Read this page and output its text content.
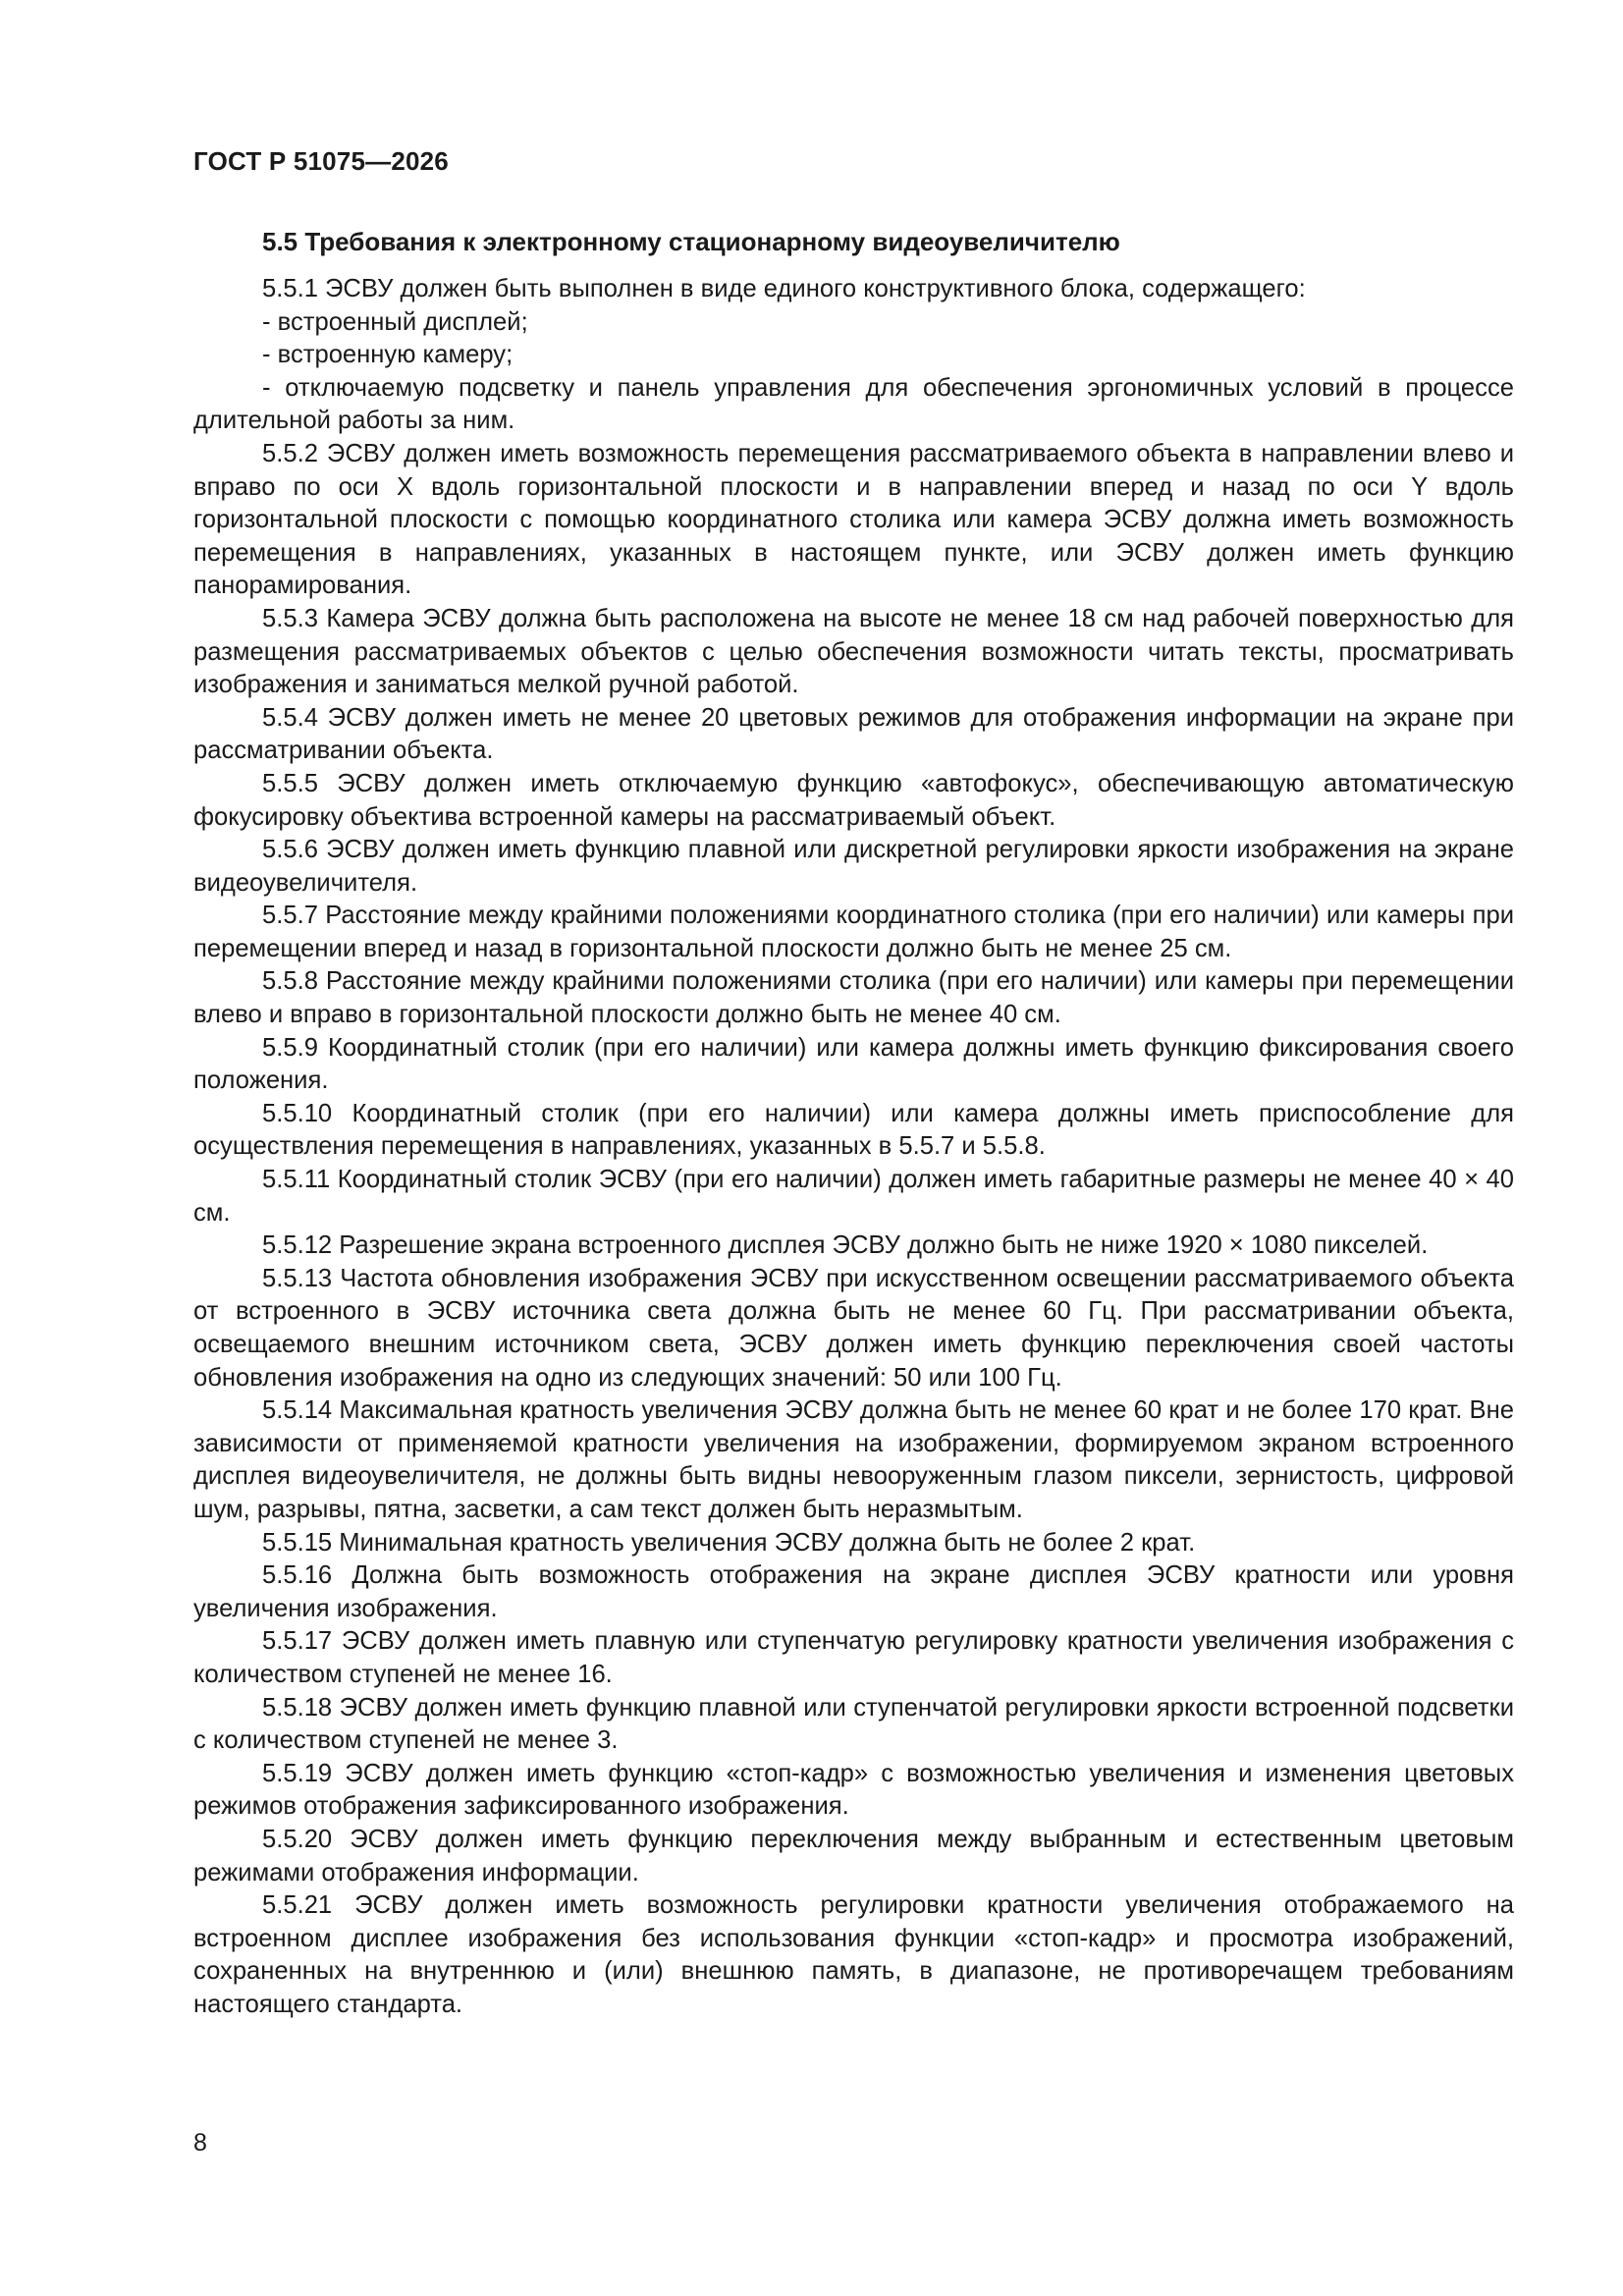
ГОСТ Р 51075—2026
5.5 Требования к электронному стационарному видеоувеличителю

5.5.1 ЭСВУ должен быть выполнен в виде единого конструктивного блока, содержащего:

- встроенный дисплей;

- встроенную камеру;

- отключаемую подсветку и панель управления для обеспечения эргономичных условий в процессе длительной работы за ним.

5.5.2 ЭСВУ должен иметь возможность перемещения рассматриваемого объекта в направлении влево и вправо по оси X вдоль горизонтальной плоскости и в направлении вперед и назад по оси Y вдоль горизонтальной плоскости с помощью координатного столика или камера ЭСВУ должна иметь возможность перемещения в направлениях, указанных в настоящем пункте, или ЭСВУ должен иметь функцию панорамирования.

5.5.3 Камера ЭСВУ должна быть расположена на высоте не менее 18 см над рабочей поверхностью для размещения рассматриваемых объектов с целью обеспечения возможности читать тексты, просматривать изображения и заниматься мелкой ручной работой.

5.5.4 ЭСВУ должен иметь не менее 20 цветовых режимов для отображения информации на экране при рассматривании объекта.

5.5.5 ЭСВУ должен иметь отключаемую функцию «автофокус», обеспечивающую автоматическую фокусировку объектива встроенной камеры на рассматриваемый объект.

5.5.6 ЭСВУ должен иметь функцию плавной или дискретной регулировки яркости изображения на экране видеоувеличителя.

5.5.7 Расстояние между крайними положениями координатного столика (при его наличии) или камеры при перемещении вперед и назад в горизонтальной плоскости должно быть не менее 25 см.

5.5.8 Расстояние между крайними положениями столика (при его наличии) или камеры при перемещении влево и вправо в горизонтальной плоскости должно быть не менее 40 см.

5.5.9 Координатный столик (при его наличии) или камера должны иметь функцию фиксирования своего положения.

5.5.10 Координатный столик (при его наличии) или камера должны иметь приспособление для осуществления перемещения в направлениях, указанных в 5.5.7 и 5.5.8.

5.5.11 Координатный столик ЭСВУ (при его наличии) должен иметь габаритные размеры не менее 40 × 40 см.

5.5.12 Разрешение экрана встроенного дисплея ЭСВУ должно быть не ниже 1920 × 1080 пикселей.

5.5.13 Частота обновления изображения ЭСВУ при искусственном освещении рассматриваемого объекта от встроенного в ЭСВУ источника света должна быть не менее 60 Гц. При рассматривании объекта, освещаемого внешним источником света, ЭСВУ должен иметь функцию переключения своей частоты обновления изображения на одно из следующих значений: 50 или 100 Гц.

5.5.14 Максимальная кратность увеличения ЭСВУ должна быть не менее 60 крат и не более 170 крат. Вне зависимости от применяемой кратности увеличения на изображении, формируемом экраном встроенного дисплея видеоувеличителя, не должны быть видны невооруженным глазом пиксели, зернистость, цифровой шум, разрывы, пятна, засветки, а сам текст должен быть неразмытым.

5.5.15 Минимальная кратность увеличения ЭСВУ должна быть не более 2 крат.

5.5.16 Должна быть возможность отображения на экране дисплея ЭСВУ кратности или уровня увеличения изображения.

5.5.17 ЭСВУ должен иметь плавную или ступенчатую регулировку кратности увеличения изображения с количеством ступеней не менее 16.

5.5.18 ЭСВУ должен иметь функцию плавной или ступенчатой регулировки яркости встроенной подсветки с количеством ступеней не менее 3.

5.5.19 ЭСВУ должен иметь функцию «стоп-кадр» с возможностью увеличения и изменения цветовых режимов отображения зафиксированного изображения.

5.5.20 ЭСВУ должен иметь функцию переключения между выбранным и естественным цветовым режимами отображения информации.

5.5.21 ЭСВУ должен иметь возможность регулировки кратности увеличения отображаемого на встроенном дисплее изображения без использования функции «стоп-кадр» и просмотра изображений, сохраненных на внутреннюю и (или) внешнюю память, в диапазоне, не противоречащем требованиям настоящего стандарта.

8
